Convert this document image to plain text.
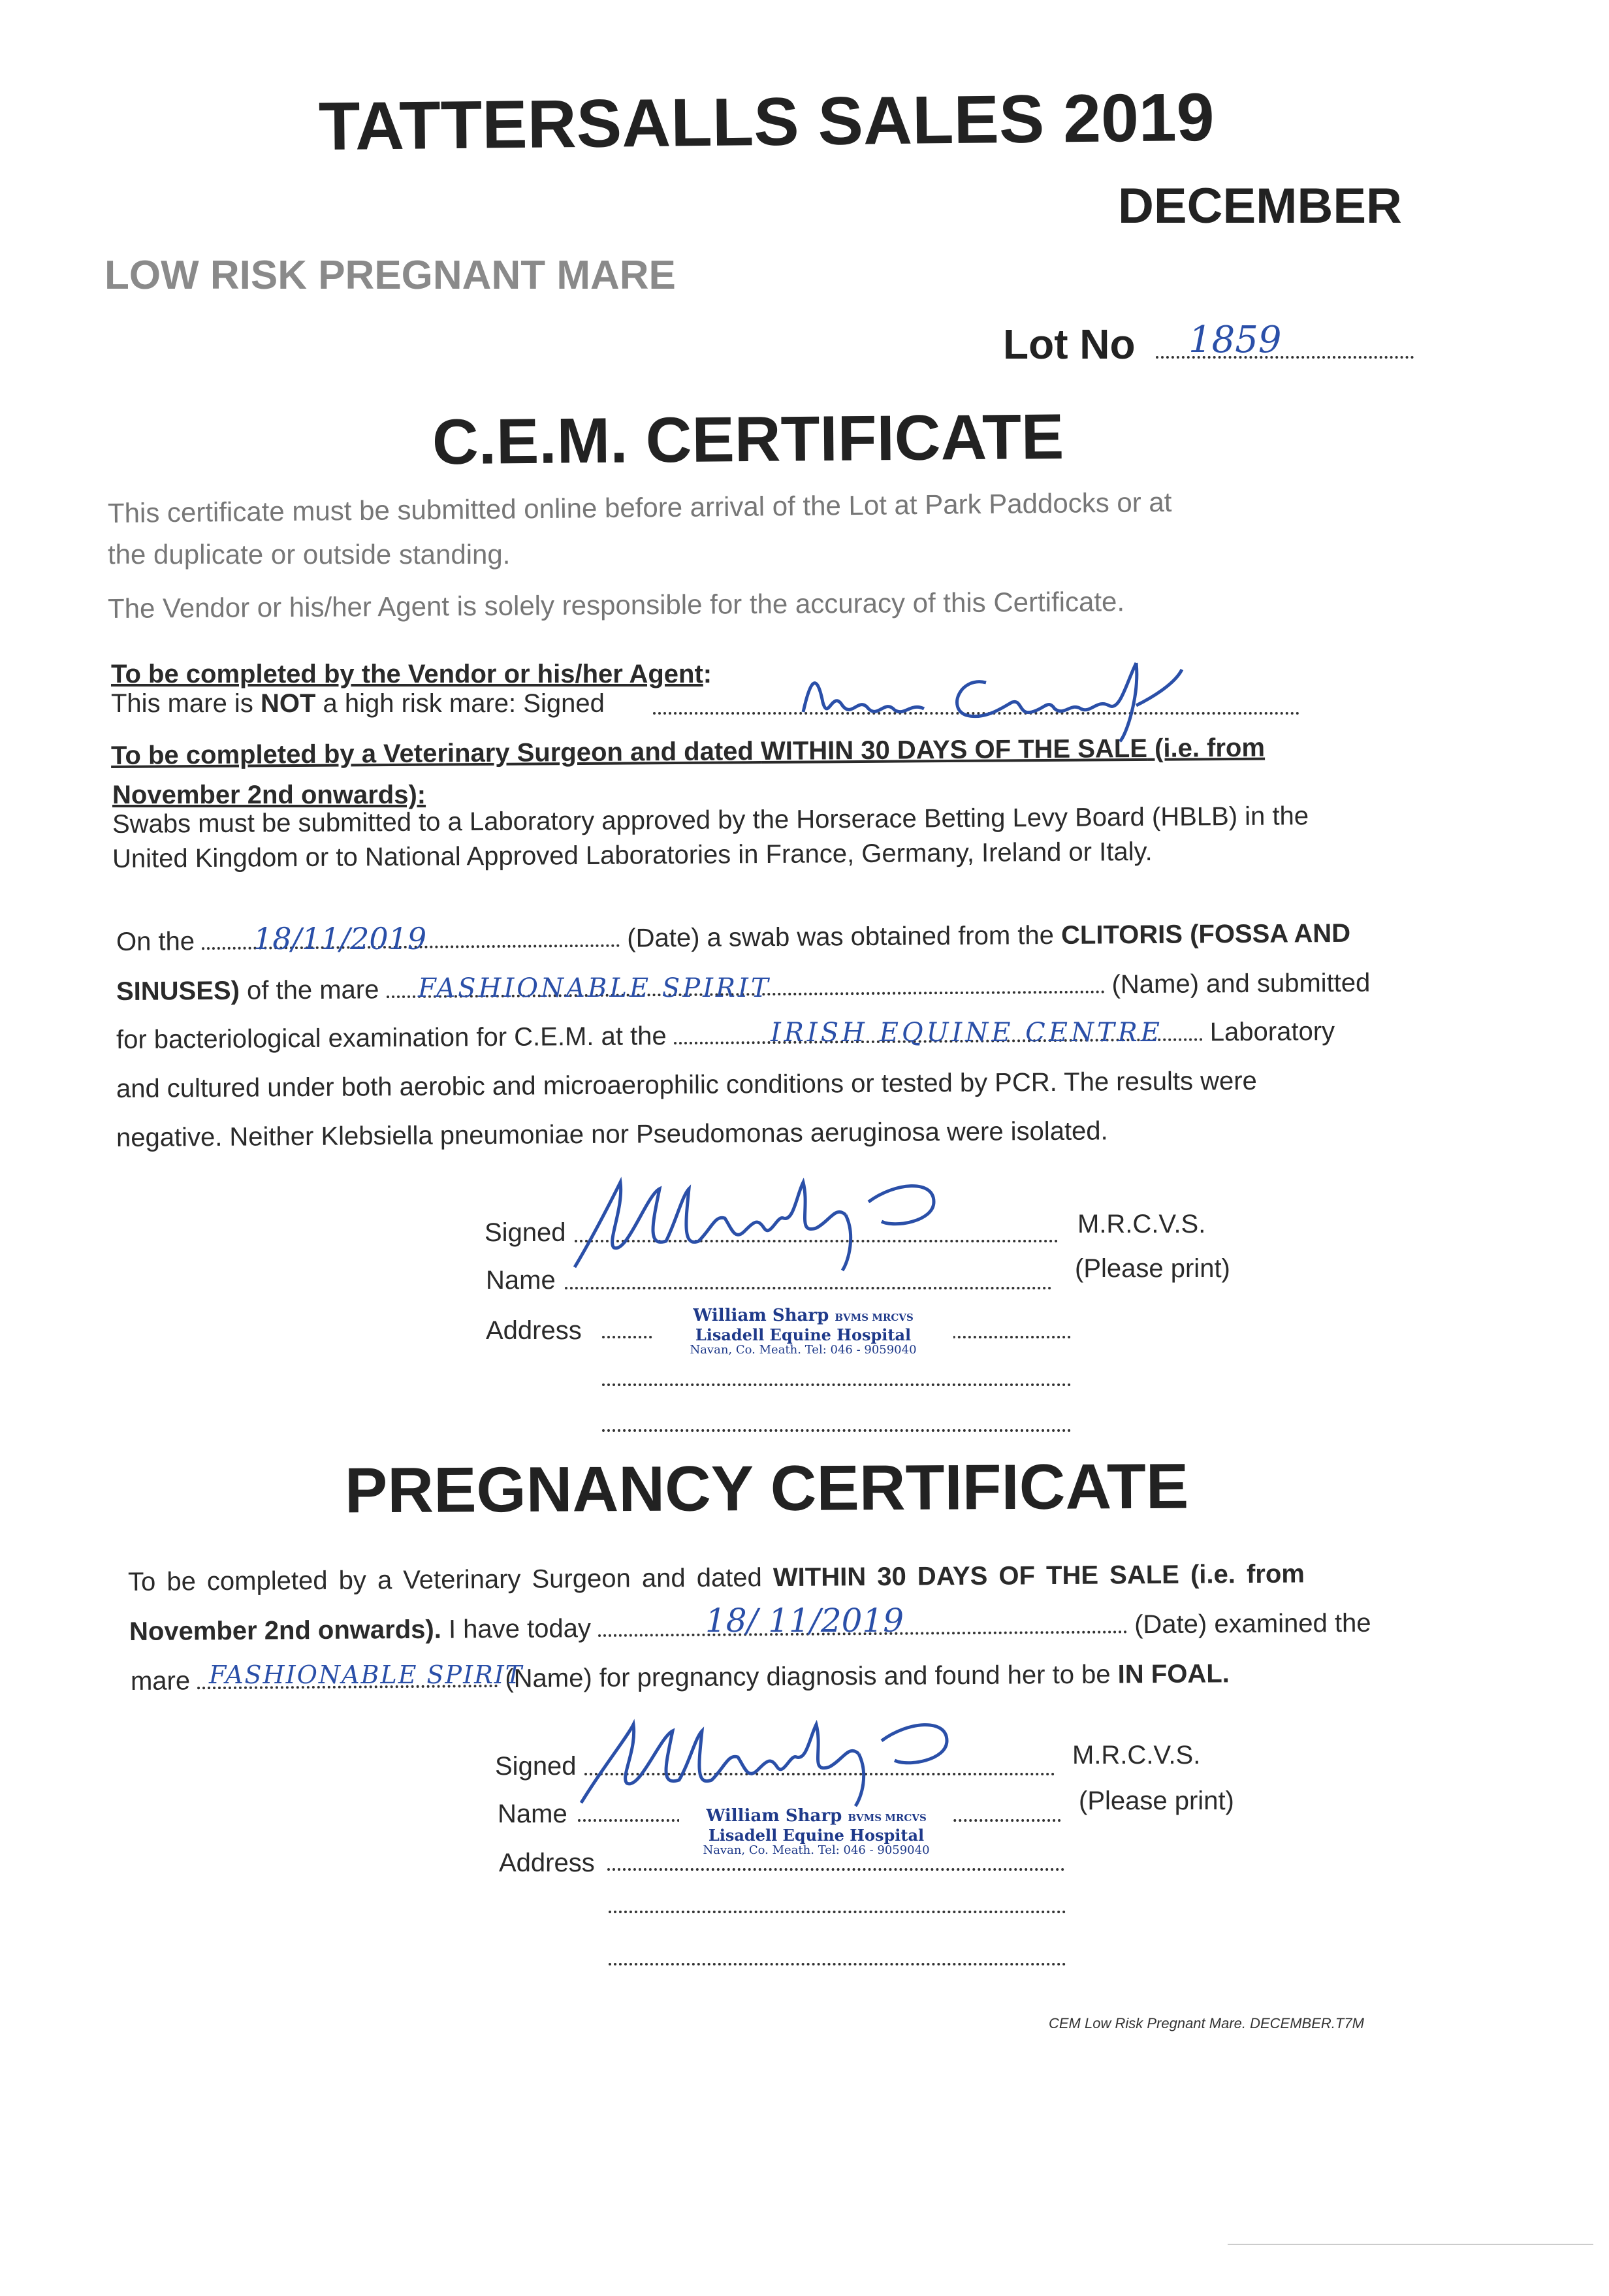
TATTERSALLS SALES 2019
DECEMBER
LOW RISK PREGNANT MARE
Lot No 1859
C.E.M. CERTIFICATE
This certificate must be submitted online before arrival of the Lot at Park Paddocks or at
the duplicate or outside standing.
The Vendor or his/her Agent is solely responsible for the accuracy of this Certificate.
To be completed by the Vendor or his/her Agent:
This mare is NOT a high risk mare: Signed
To be completed by a Veterinary Surgeon and dated WITHIN 30 DAYS OF THE SALE (i.e. from
November 2nd onwards):
Swabs must be submitted to a Laboratory approved by the Horserace Betting Levy Board (HBLB) in the
United Kingdom or to National Approved Laboratories in France, Germany, Ireland or Italy.
On the	(Date) a swab was obtained from the CLITORIS (FOSSA AND
18/11/2019
SINUSES) of the mare	(Name) and submitted
FASHIONABLE SPIRIT
for bacteriological examination for C.E.M. at the	Laboratory
IRISH EQUINE CENTRE
and cultured under both aerobic and microaerophilic conditions or tested by PCR. The results were
negative. Neither Klebsiella pneumoniae nor Pseudomonas aeruginosa were isolated.
Signed	M.R.C.V.S.
Name	(Please print)
Address
William Sharp BVMS MRCVS
Lisadell Equine Hospital
Navan, Co. Meath. Tel: 046 - 9059040
PREGNANCY CERTIFICATE
To be completed by a Veterinary Surgeon and dated WITHIN 30 DAYS OF THE SALE (i.e. from
November 2nd onwards). I have today	(Date) examined the
18/ 11/2019
mare	(Name) for pregnancy diagnosis and found her to be IN FOAL.
FASHIONABLE SPIRIT
Signed	M.R.C.V.S.
Name	(Please print)
Address
William Sharp BVMS MRCVS
Lisadell Equine Hospital
Navan, Co. Meath. Tel: 046 - 9059040
CEM Low Risk Pregnant Mare. DECEMBER.T7M
